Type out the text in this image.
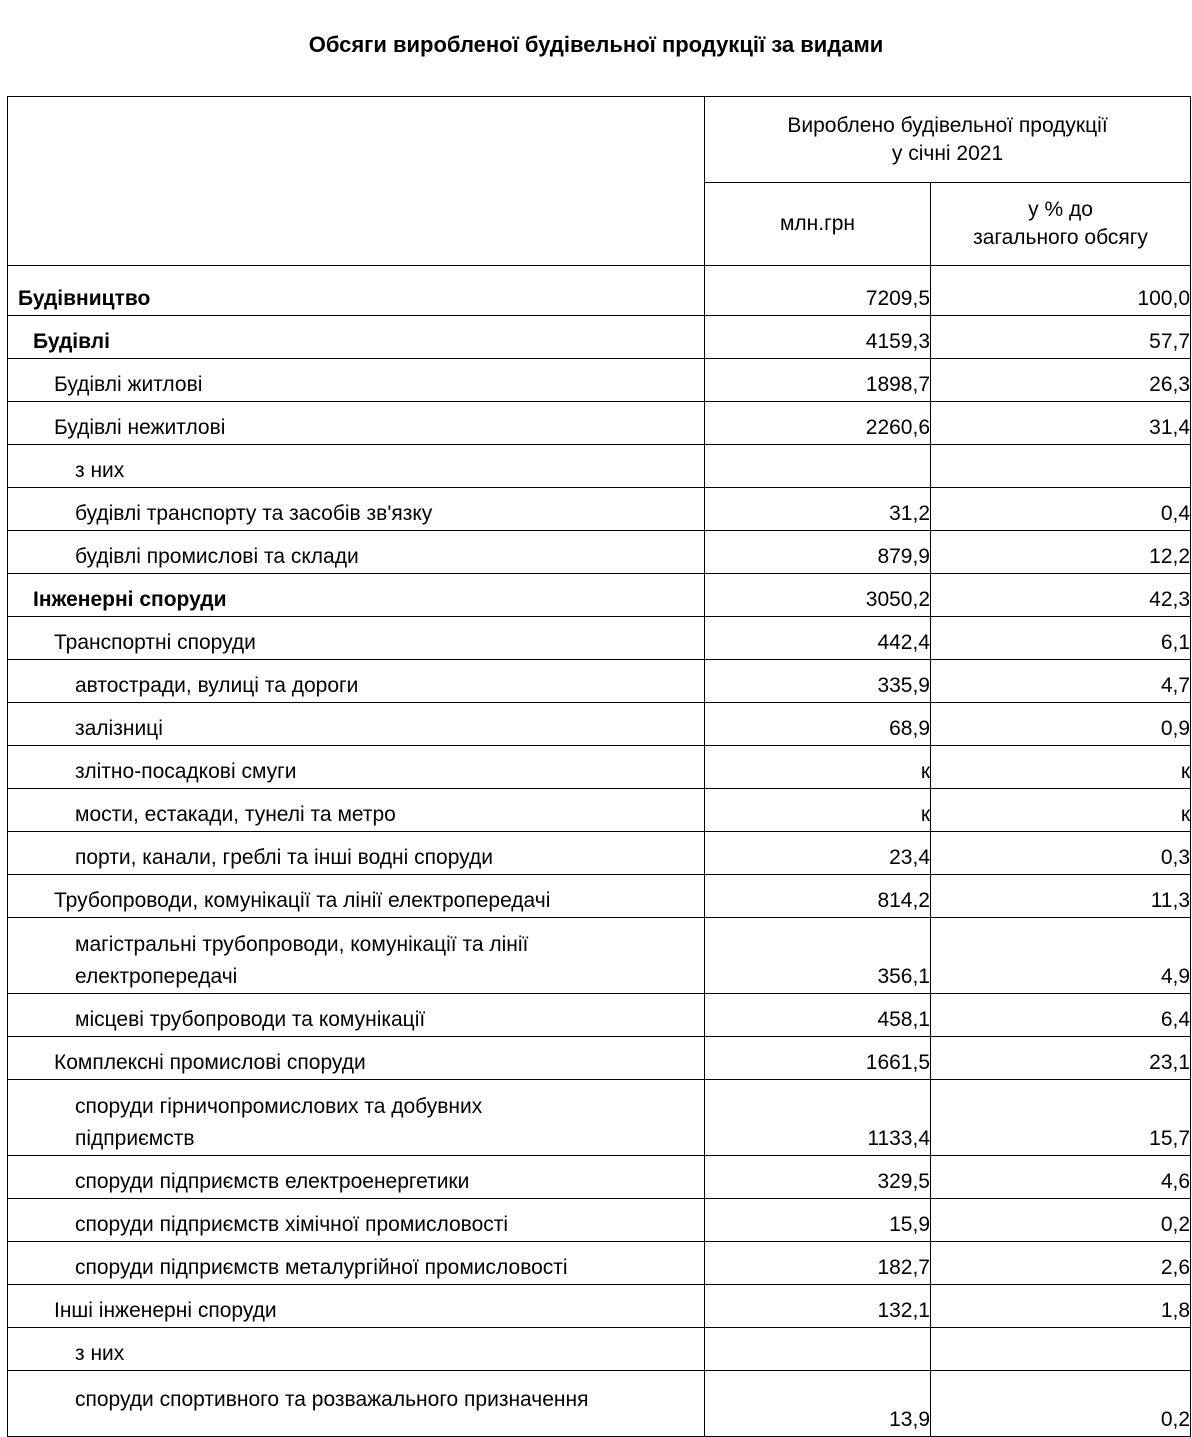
Обсяги виробленої будівельної продукції за видами

	Вироблено будівельної продукції
у січні 2021	

	млн.грн	у % до
загального обсягу

Будівництво	7209,5	100,0
Будівлі	4159,3	57,7
Будівлі житлові	1898,7	26,3
Будівлі нежитлові	2260,6	31,4
з них		
будівлі транспорту та засобів зв'язку	31,2	0,4
будівлі промислові та склади	879,9	12,2
Інженерні споруди	3050,2	42,3
Транспортні споруди	442,4	6,1
автостради, вулиці та дороги	335,9	4,7
залізниці	68,9	0,9
злітно-посадкові смуги	к	к
мости, естакади, тунелі та метро	к	к
порти, канали, греблі та інші водні споруди	23,4	0,3
Трубопроводи, комунікації та лінії електропередачі	814,2	11,3

магістральні трубопроводи, комунікації та лінії
електропередачі	356,1	4,9
місцеві трубопроводи та комунікації	458,1	6,4
Комплексні промислові споруди	1661,5	23,1

споруди гірничопромислових та добувних
підприємств	1133,4	15,7
споруди підприємств електроенергетики	329,5	4,6
споруди підприємств хімічної промисловості	15,9	0,2
споруди підприємств металургійної промисловості	182,7	2,6
Інші інженерні споруди	132,1	1,8
з них		
споруди спортивного та розважального призначення	13,9	0,2
